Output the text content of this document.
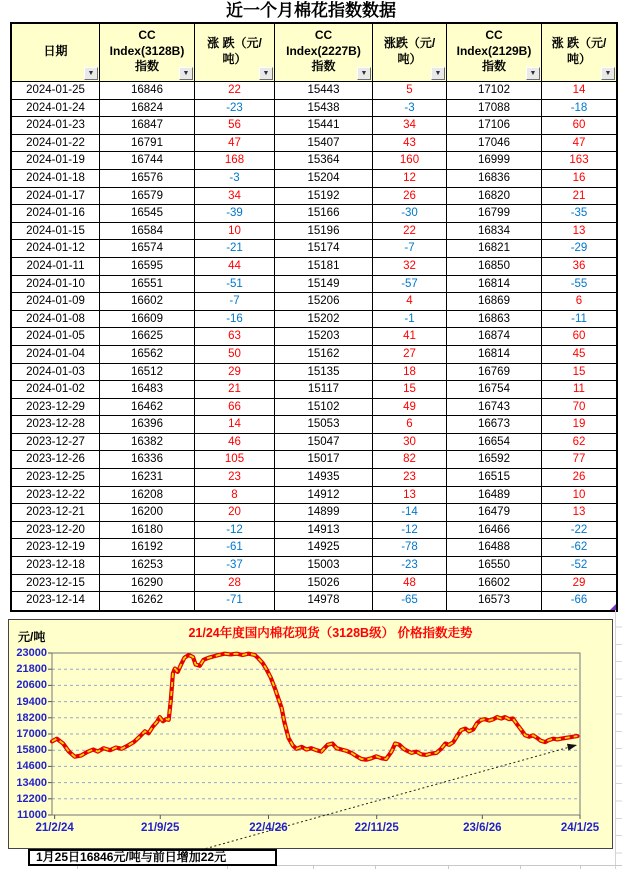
近一个月棉花指数数据
日期
▼
CC
Index(3128B)
指数
▼
涨 跌（元/
吨）
▼
CC
Index(2227B)
指数
▼
涨跌（元/
吨）
▼
CC
Index(2129B)
指数
▼
涨 跌（元/
吨）
▼
2024-01-25	16846	22	15443	5	17102	14
2024-01-24	16824	-23	15438	-3	17088	-18
2024-01-23	16847	56	15441	34	17106	60
2024-01-22	16791	47	15407	43	17046	47
2024-01-19	16744	168	15364	160	16999	163
2024-01-18	16576	-3	15204	12	16836	16
2024-01-17	16579	34	15192	26	16820	21
2024-01-16	16545	-39	15166	-30	16799	-35
2024-01-15	16584	10	15196	22	16834	13
2024-01-12	16574	-21	15174	-7	16821	-29
2024-01-11	16595	44	15181	32	16850	36
2024-01-10	16551	-51	15149	-57	16814	-55
2024-01-09	16602	-7	15206	4	16869	6
2024-01-08	16609	-16	15202	-1	16863	-11
2024-01-05	16625	63	15203	41	16874	60
2024-01-04	16562	50	15162	27	16814	45
2024-01-03	16512	29	15135	18	16769	15
2024-01-02	16483	21	15117	15	16754	11
2023-12-29	16462	66	15102	49	16743	70
2023-12-28	16396	14	15053	6	16673	19
2023-12-27	16382	46	15047	30	16654	62
2023-12-26	16336	105	15017	82	16592	77
2023-12-25	16231	23	14935	23	16515	26
2023-12-22	16208	8	14912	13	16489	10
2023-12-21	16200	20	14899	-14	16479	13
2023-12-20	16180	-12	14913	-12	16466	-22
2023-12-19	16192	-61	14925	-78	16488	-62
2023-12-18	16253	-37	15003	-23	16550	-52
2023-12-15	16290	28	15026	48	16602	29
2023-12-14	16262	-71	14978	-65	16573	-66
元/吨	21/24年度国内棉花现货（3128B级） 价格指数走势
23000
21800
20600
19400
18200
17000
15800
14600
13400
12200
11000
21/2/24	21/9/25	22/4/26	22/11/25	23/6/26	24/1/25
1月25日16846元/吨与前日增加22元
